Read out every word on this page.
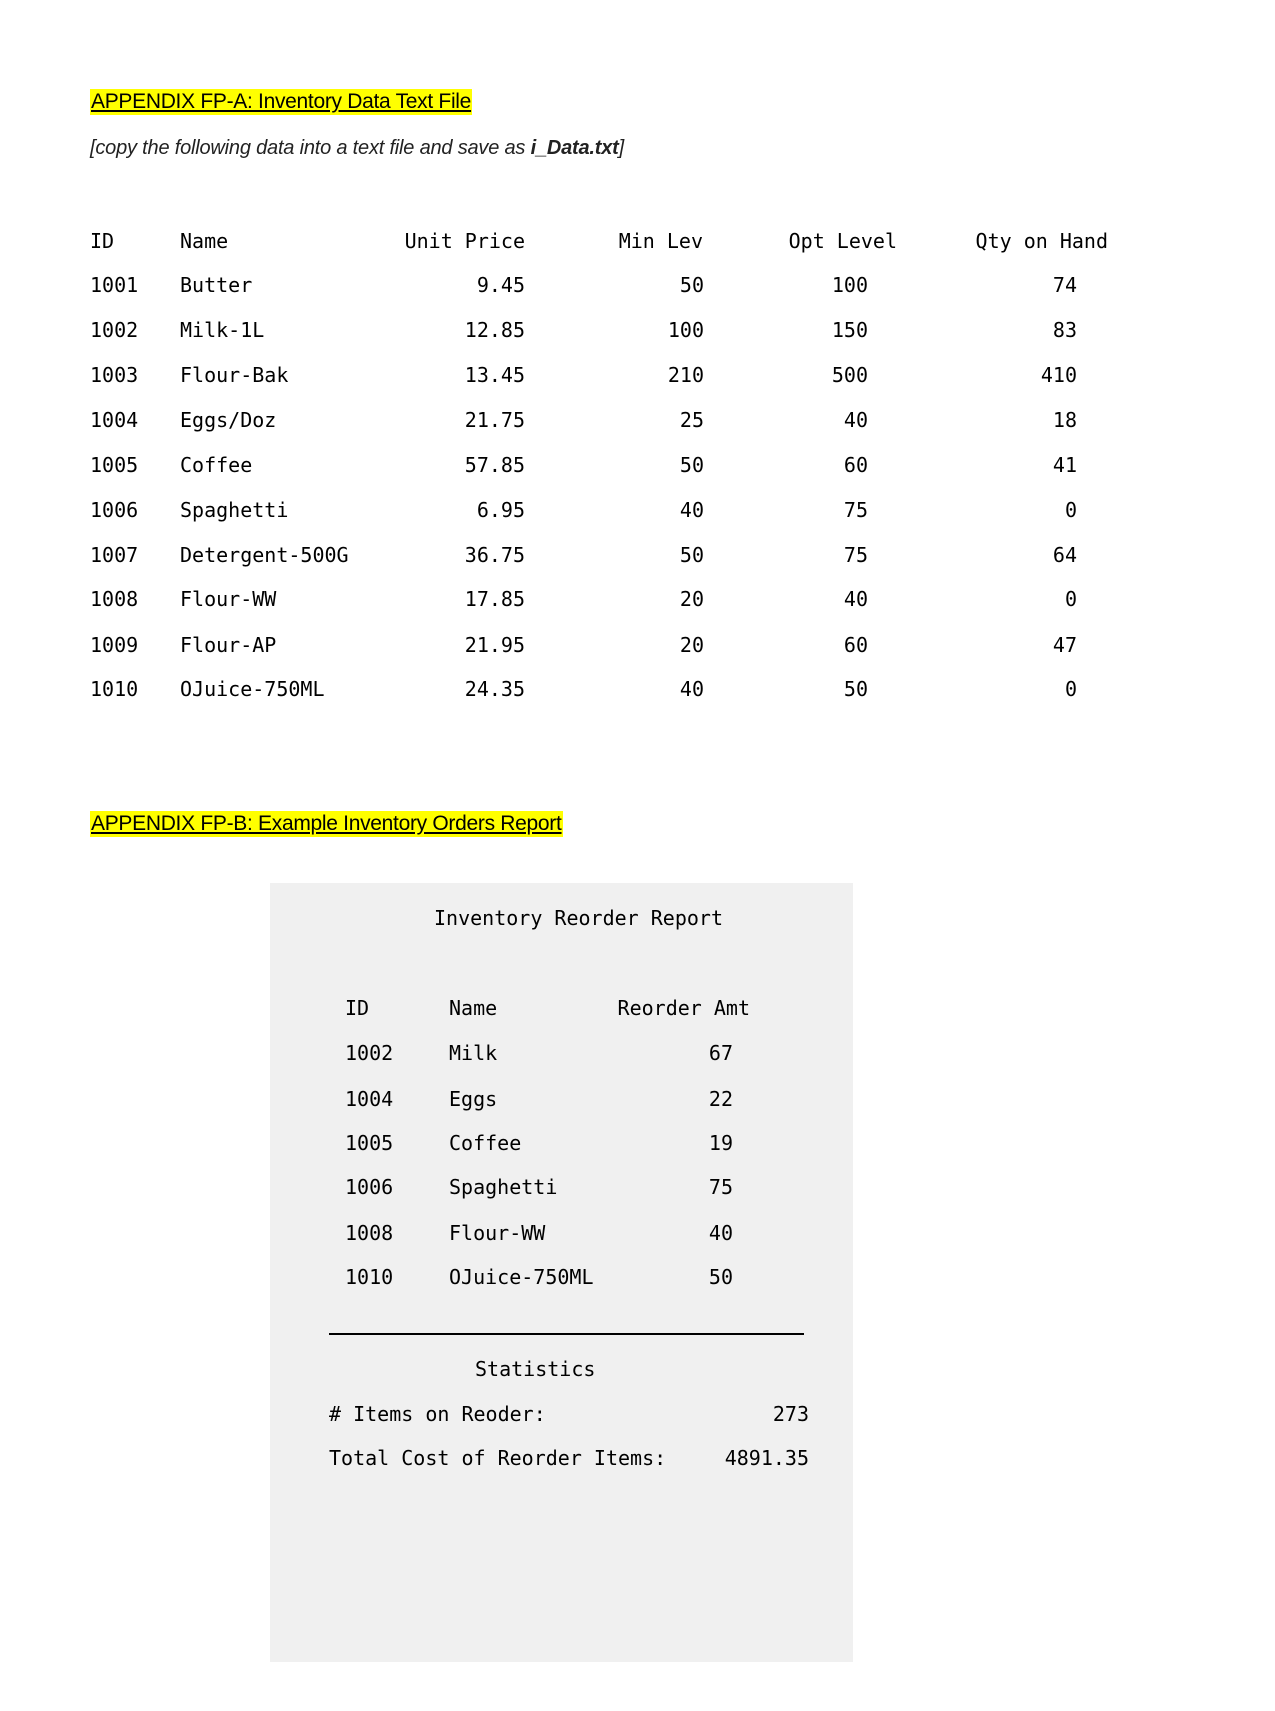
APPENDIX FP-A: Inventory Data Text File
[copy the following data into a text file and save as i_Data.txt]
ID	Name	Unit Price	Min Lev	Opt Level	Qty on Hand
1001 Butter	9.45	50	100	74
1002 Milk-1L	12.85	100	150	83
1003 Flour-Bak	13.45	210	500	410
1004 Eggs/Doz	21.75	25	40	18
1005 Coffee	57.85	50	60	41
1006 Spaghetti	6.95	40	75	0
1007 Detergent-500G	36.75	50	75	64
1008 Flour-WW	17.85	20	40	0
1009 Flour-AP	21.95	20	60	47
1010 OJuice-750ML	24.35	40	50	0
APPENDIX FP-B: Example Inventory Orders Report
Inventory Reorder Report
ID	Name	Reorder Amt
1002	Milk	67
1004	Eggs	22
1005	Coffee	19
1006	Spaghetti	75
1008	Flour-WW	40
1010	OJuice-750ML	50
Statistics
# Items on Reoder:	273
Total Cost of Reorder Items:	4891.35
